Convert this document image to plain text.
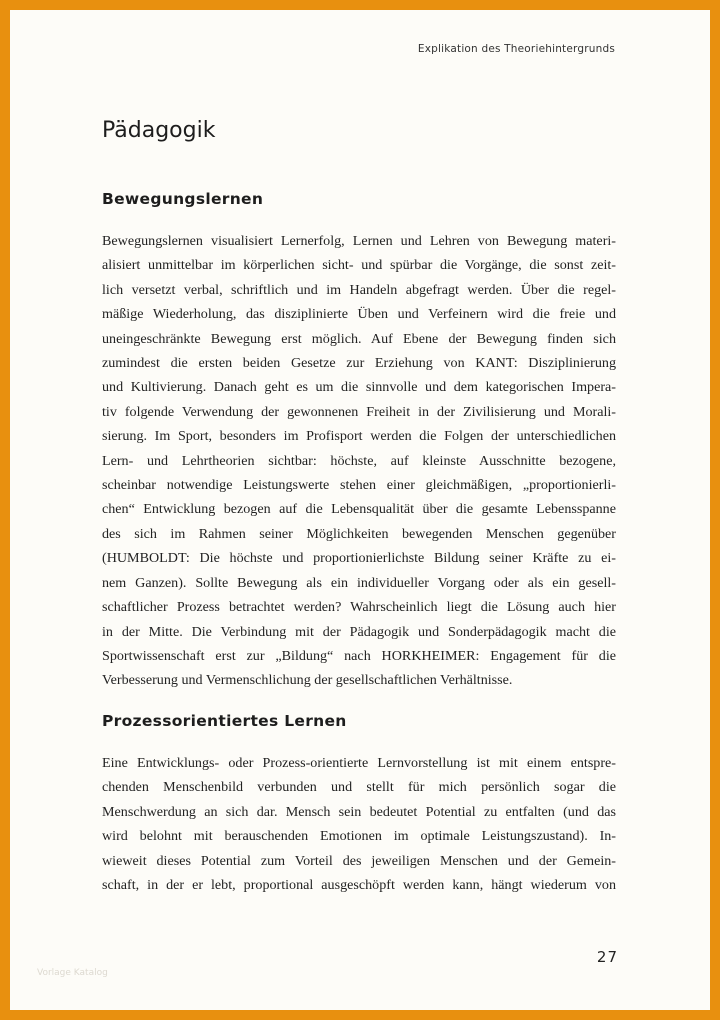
Explikation des Theoriehintergrunds
Pädagogik
Bewegungslernen
Bewegungslernen visualisiert Lernerfolg, Lernen und Lehren von Bewegung materi-
alisiert unmittelbar im körperlichen sicht- und spürbar die Vorgänge, die sonst zeit-
lich versetzt verbal, schriftlich und im Handeln abgefragt werden. Über die regel-
mäßige Wiederholung, das disziplinierte Üben und Verfeinern wird die freie und
uneingeschränkte Bewegung erst möglich. Auf Ebene der Bewegung finden sich
zumindest die ersten beiden Gesetze zur Erziehung von KANT: Disziplinierung
und Kultivierung. Danach geht es um die sinnvolle und dem kategorischen Impera-
tiv folgende Verwendung der gewonnenen Freiheit in der Zivilisierung und Morali-
sierung. Im Sport, besonders im Profisport werden die Folgen der unterschiedlichen
Lern- und Lehrtheorien sichtbar: höchste, auf kleinste Ausschnitte bezogene,
scheinbar notwendige Leistungswerte stehen einer gleichmäßigen, „proportionierli-
chen“ Entwicklung bezogen auf die Lebensqualität über die gesamte Lebensspanne
des sich im Rahmen seiner Möglichkeiten bewegenden Menschen gegenüber
(HUMBOLDT: Die höchste und proportionierlichste Bildung seiner Kräfte zu ei-
nem Ganzen). Sollte Bewegung als ein individueller Vorgang oder als ein gesell-
schaftlicher Prozess betrachtet werden? Wahrscheinlich liegt die Lösung auch hier
in der Mitte. Die Verbindung mit der Pädagogik und Sonderpädagogik macht die
Sportwissenschaft erst zur „Bildung“ nach HORKHEIMER: Engagement für die
Verbesserung und Vermenschlichung der gesellschaftlichen Verhältnisse.
Prozessorientiertes Lernen
Eine Entwicklungs- oder Prozess-orientierte Lernvorstellung ist mit einem entspre-
chenden Menschenbild verbunden und stellt für mich persönlich sogar die
Menschwerdung an sich dar. Mensch sein bedeutet Potential zu entfalten (und das
wird belohnt mit berauschenden Emotionen im optimale Leistungszustand). In-
wieweit dieses Potential zum Vorteil des jeweiligen Menschen und der Gemein-
schaft, in der er lebt, proportional ausgeschöpft werden kann, hängt wiederum von
27
Vorlage Katalog
